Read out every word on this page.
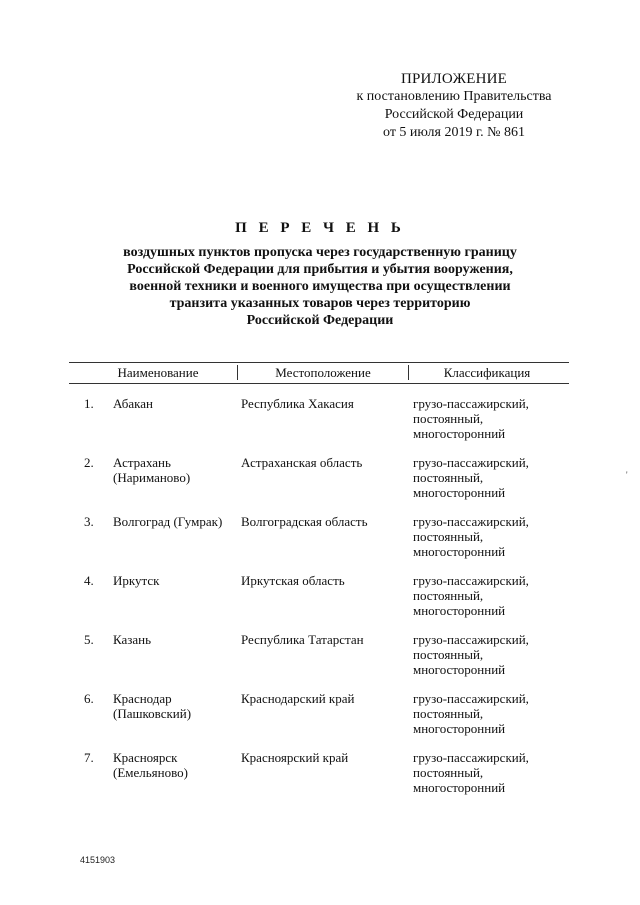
ПРИЛОЖЕНИЕ
к постановлению Правительства
Российской Федерации
от 5 июля 2019 г. № 861
П Е Р Е Ч Е Н Ь
воздушных пунктов пропуска через государственную границу
Российской Федерации для прибытия и убытия вооружения,
военной техники и военного имущества при осуществлении
транзита указанных товаров через территорию
Российской Федерации
Наименование	Местоположение	Классификация
1. Абакан	Республика Хакасия	грузо-пассажирский,
постоянный,
многосторонний
2. Астрахань
(Нариманово)
Астраханская область	грузо-пассажирский,
постоянный,
многосторонний
3. Волгоград (Гумрак)	Волгоградская область	грузо-пассажирский,
постоянный,
многосторонний
4. Иркутск	Иркутская область	грузо-пассажирский,
постоянный,
многосторонний
5. Казань	Республика Татарстан	грузо-пассажирский,
постоянный,
многосторонний
6. Краснодар
(Пашковский)
Краснодарский край	грузо-пассажирский,
постоянный,
многосторонний
7. Красноярск
(Емельяново)
Красноярский край	грузо-пассажирский,
постоянный,
многосторонний
4151903
'
